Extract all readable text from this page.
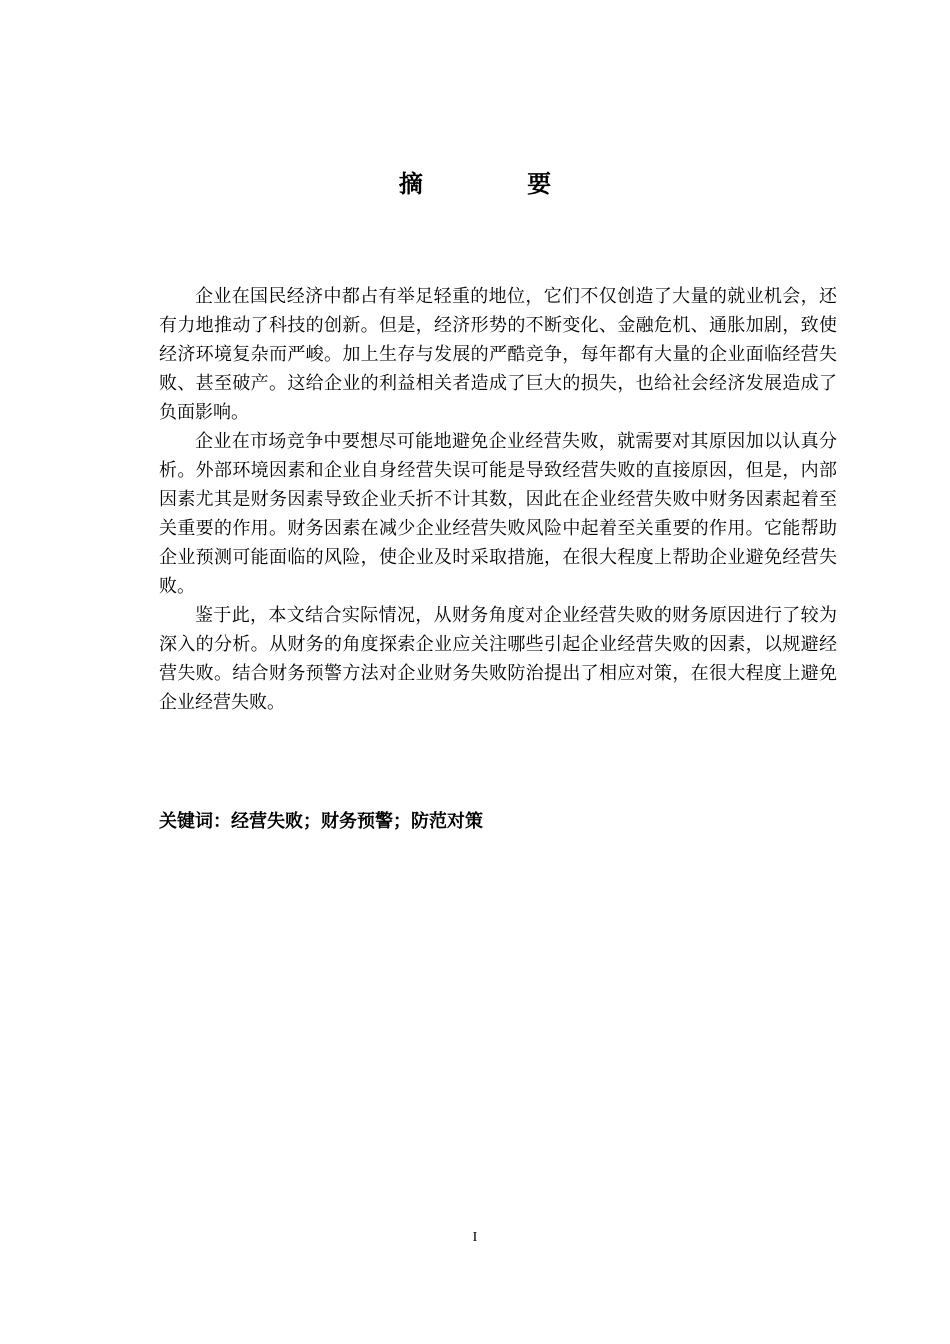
摘 要

企业在国民经济中都占有举足轻重的地位，它们不仅创造了大量的就业机会，还有力地推动了科技的创新。但是，经济形势的不断变化、金融危机、通胀加剧，致使经济环境复杂而严峻。加上生存与发展的严酷竞争，每年都有大量的企业面临经营失败、甚至破产。这给企业的利益相关者造成了巨大的损失，也给社会经济发展造成了负面影响。

企业在市场竞争中要想尽可能地避免企业经营失败，就需要对其原因加以认真分析。外部环境因素和企业自身经营失误可能是导致经营失败的直接原因，但是，内部因素尤其是财务因素导致企业夭折不计其数，因此在企业经营失败中财务因素起着至关重要的作用。财务因素在减少企业经营失败风险中起着至关重要的作用。它能帮助企业预测可能面临的风险，使企业及时采取措施，在很大程度上帮助企业避免经营失败。

鉴于此，本文结合实际情况，从财务角度对企业经营失败的财务原因进行了较为深入的分析。从财务的角度探索企业应关注哪些引起企业经营失败的因素，以规避经营失败。结合财务预警方法对企业财务失败防治提出了相应对策，在很大程度上避免企业经营失败。

关键词：经营失败；财务预警；防范对策
I
